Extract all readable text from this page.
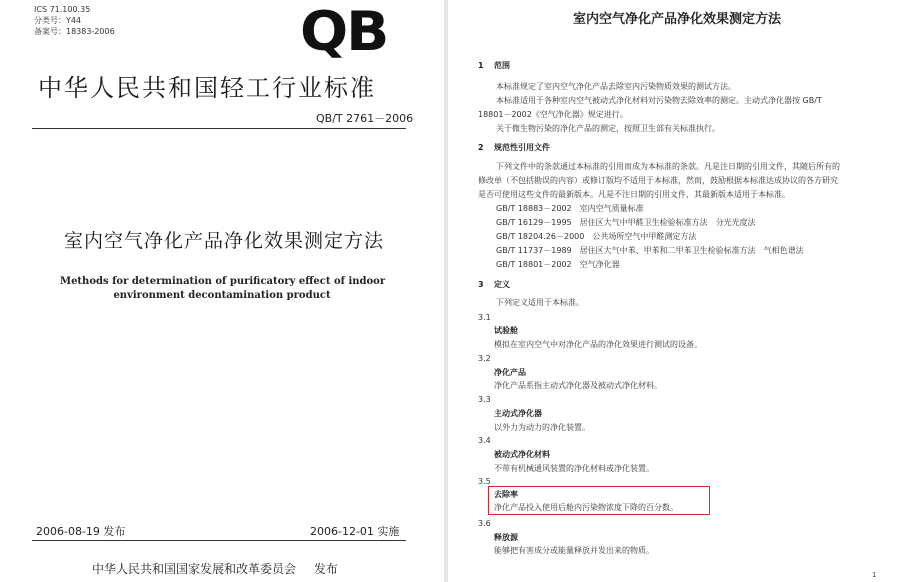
ICS 71.100.35
分类号：Y44
备案号：18383-2006	QB
中华人民共和国轻工行业标准
QB/T 2761－2006
室内空气净化产品净化效果测定方法
Methods for determination of purificatory effect of indoor
environment decontamination product
2006-08-19 发布	2006-12-01 实施
中华人民共和国国家发展和改革委员会 发布
室内空气净化产品净化效果测定方法
1 范围
本标准规定了室内空气净化产品去除室内污染物质效果的测试方法。
本标准适用于各种室内空气被动式净化材料对污染物去除效率的测定。主动式净化器按 GB/T
18801－2002《空气净化器》规定进行。
关于微生物污染的净化产品的测定，按照卫生部有关标准执行。
2 规范性引用文件
下列文件中的条款通过本标准的引用而成为本标准的条款。凡是注日期的引用文件，其随后所有的
修改单（不包括勘误的内容）或修订版均不适用于本标准，然而，鼓励根据本标准达成协议的各方研究
是否可使用这些文件的最新版本。凡是不注日期的引用文件，其最新版本适用于本标准。
GB/T 18883－2002　室内空气质量标准
GB/T 16129－1995　居住区大气中甲醛卫生检验标准方法　分光光度法
GB/T 18204.26－2000　公共场所空气中甲醛测定方法
GB/T 11737－1989　居住区大气中苯、甲苯和二甲苯卫生检验标准方法　气相色谱法
GB/T 18801－2002　空气净化器
3 定义
下列定义适用于本标准。
3.1
试验舱
模拟在室内空气中对净化产品的净化效果进行测试的设备。
3.2
净化产品
净化产品系指主动式净化器及被动式净化材料。
3.3
主动式净化器
以外力为动力的净化装置。
3.4
被动式净化材料
不带有机械通风装置的净化材料或净化装置。
3.5
去除率
净化产品投入使用后舱内污染物浓度下降的百分数。
3.6
释放源
能够把有害成分或能量释放并发出来的物质。
1
